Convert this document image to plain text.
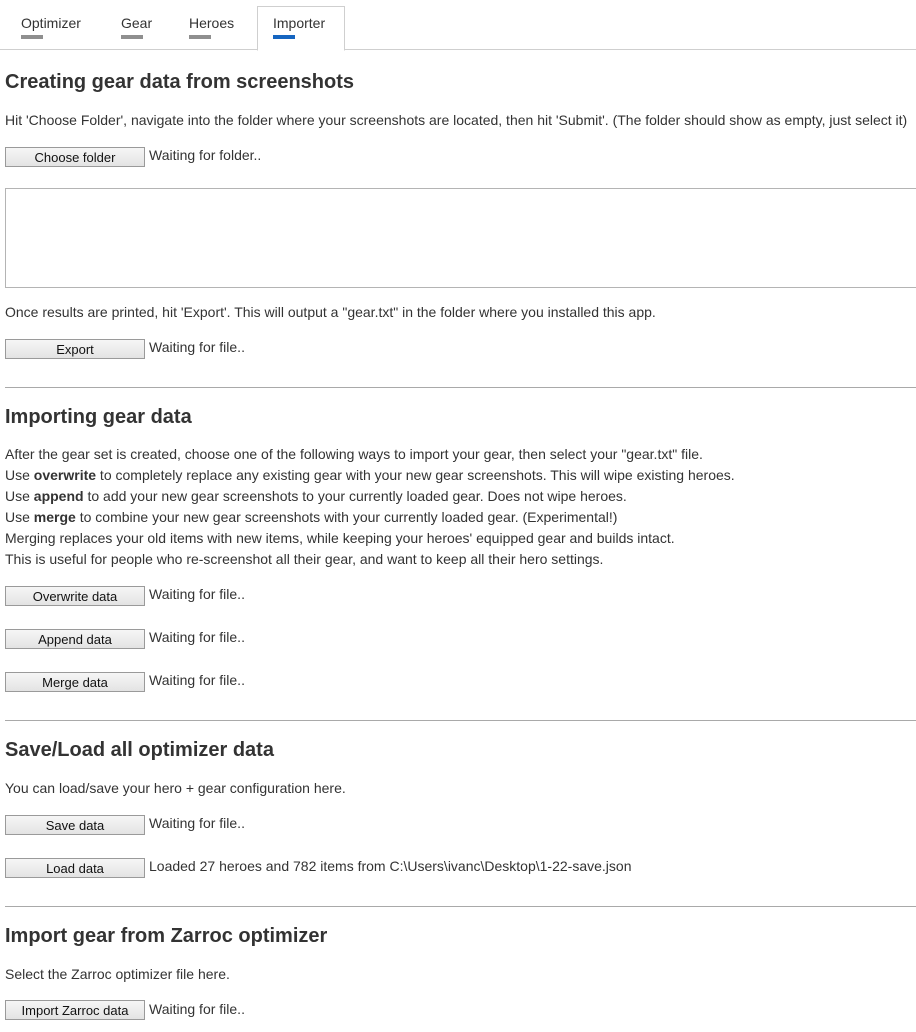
Optimizer	Gear	Heroes	Importer
Creating gear data from screenshots

Hit 'Choose Folder', navigate into the folder where your screenshots are located, then hit 'Submit'. (The folder should show as empty, just select it)

Choose folder	Waiting for folder..

Once results are printed, hit 'Export'. This will output a "gear.txt" in the folder where you installed this app.

Export	Waiting for file..
Importing gear data
After the gear set is created, choose one of the following ways to import your gear, then select your "gear.txt" file.
Use overwrite to completely replace any existing gear with your new gear screenshots. This will wipe existing heroes.
Use append to add your new gear screenshots to your currently loaded gear. Does not wipe heroes.
Use merge to combine your new gear screenshots with your currently loaded gear. (Experimental!)
Merging replaces your old items with new items, while keeping your heroes' equipped gear and builds intact.
This is useful for people who re-screenshot all their gear, and want to keep all their hero settings.
Overwrite data	Waiting for file..
Append data	Waiting for file..
Merge data	Waiting for file..
Save/Load all optimizer data

You can load/save your hero + gear configuration here.

Save data	Waiting for file..
Load data	Loaded 27 heroes and 782 items from C:\Users\ivanc\Desktop\1-22-save.json
Import gear from Zarroc optimizer

Select the Zarroc optimizer file here.

Import Zarroc data	Waiting for file..
